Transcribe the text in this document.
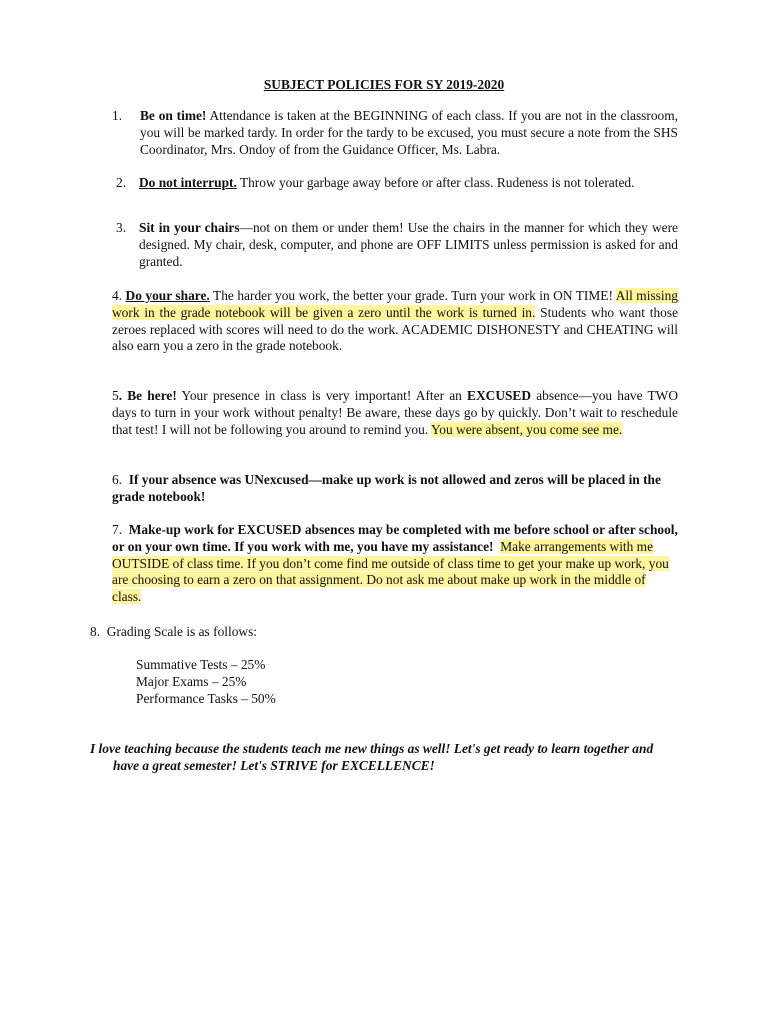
SUBJECT POLICIES FOR SY 2019-2020
1. Be on time! Attendance is taken at the BEGINNING of each class. If you are not in the classroom, you will be marked tardy. In order for the tardy to be excused, you must secure a note from the SHS Coordinator, Mrs. Ondoy of from the Guidance Officer, Ms. Labra.
2. Do not interrupt. Throw your garbage away before or after class. Rudeness is not tolerated.
3. Sit in your chairs—not on them or under them! Use the chairs in the manner for which they were designed. My chair, desk, computer, and phone are OFF LIMITS unless permission is asked for and granted.
4. Do your share. The harder you work, the better your grade. Turn your work in ON TIME! All missing work in the grade notebook will be given a zero until the work is turned in. Students who want those zeroes replaced with scores will need to do the work. ACADEMIC DISHONESTY and CHEATING will also earn you a zero in the grade notebook.
5. Be here! Your presence in class is very important! After an EXCUSED absence—you have TWO days to turn in your work without penalty! Be aware, these days go by quickly. Don’t wait to reschedule that test! I will not be following you around to remind you. You were absent, you come see me.
6. If your absence was UNexcused—make up work is not allowed and zeros will be placed in the grade notebook!
7. Make-up work for EXCUSED absences may be completed with me before school or after school, or on your own time. If you work with me, you have my assistance! Make arrangements with me OUTSIDE of class time. If you don’t come find me outside of class time to get your make up work, you are choosing to earn a zero on that assignment. Do not ask me about make up work in the middle of class.
8. Grading Scale is as follows:
Summative Tests – 25%
Major Exams – 25%
Performance Tasks – 50%
I love teaching because the students teach me new things as well! Let's get ready to learn together and
have a great semester! Let's STRIVE for EXCELLENCE!
